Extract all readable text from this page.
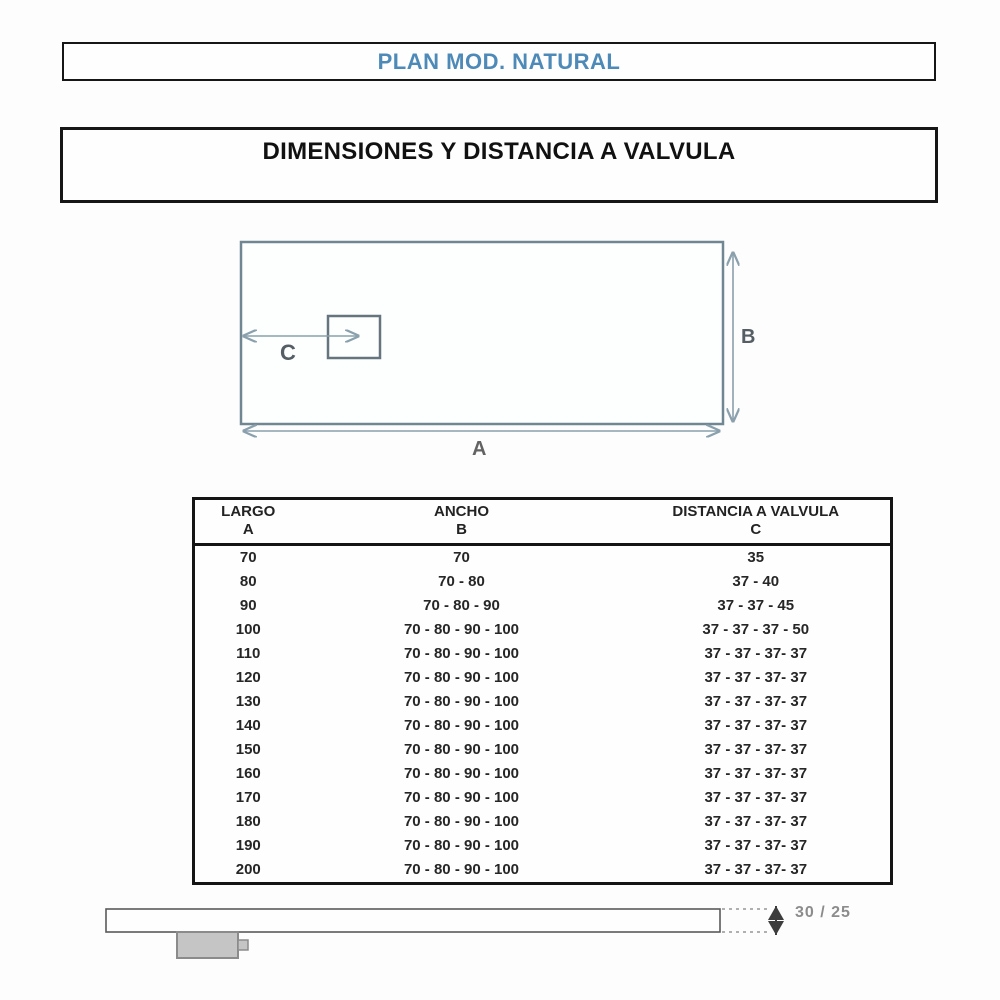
PLAN MOD. NATURAL
DIMENSIONES Y DISTANCIA A VALVULA
C
B
A
LARGO
A

ANCHO
B

DISTANCIA A VALVULA
C

70	70	35
80	70 - 80	37 - 40
90	70 - 80 - 90	37 - 37 - 45
100	70 - 80 - 90 - 100	37 - 37 - 37 - 50
110	70 - 80 - 90 - 100	37 - 37 - 37- 37
120	70 - 80 - 90 - 100	37 - 37 - 37- 37
130	70 - 80 - 90 - 100	37 - 37 - 37- 37
140	70 - 80 - 90 - 100	37 - 37 - 37- 37
150	70 - 80 - 90 - 100	37 - 37 - 37- 37
160	70 - 80 - 90 - 100	37 - 37 - 37- 37
170	70 - 80 - 90 - 100	37 - 37 - 37- 37
180	70 - 80 - 90 - 100	37 - 37 - 37- 37
190	70 - 80 - 90 - 100	37 - 37 - 37- 37
200	70 - 80 - 90 - 100	37 - 37 - 37- 37
30 / 25
